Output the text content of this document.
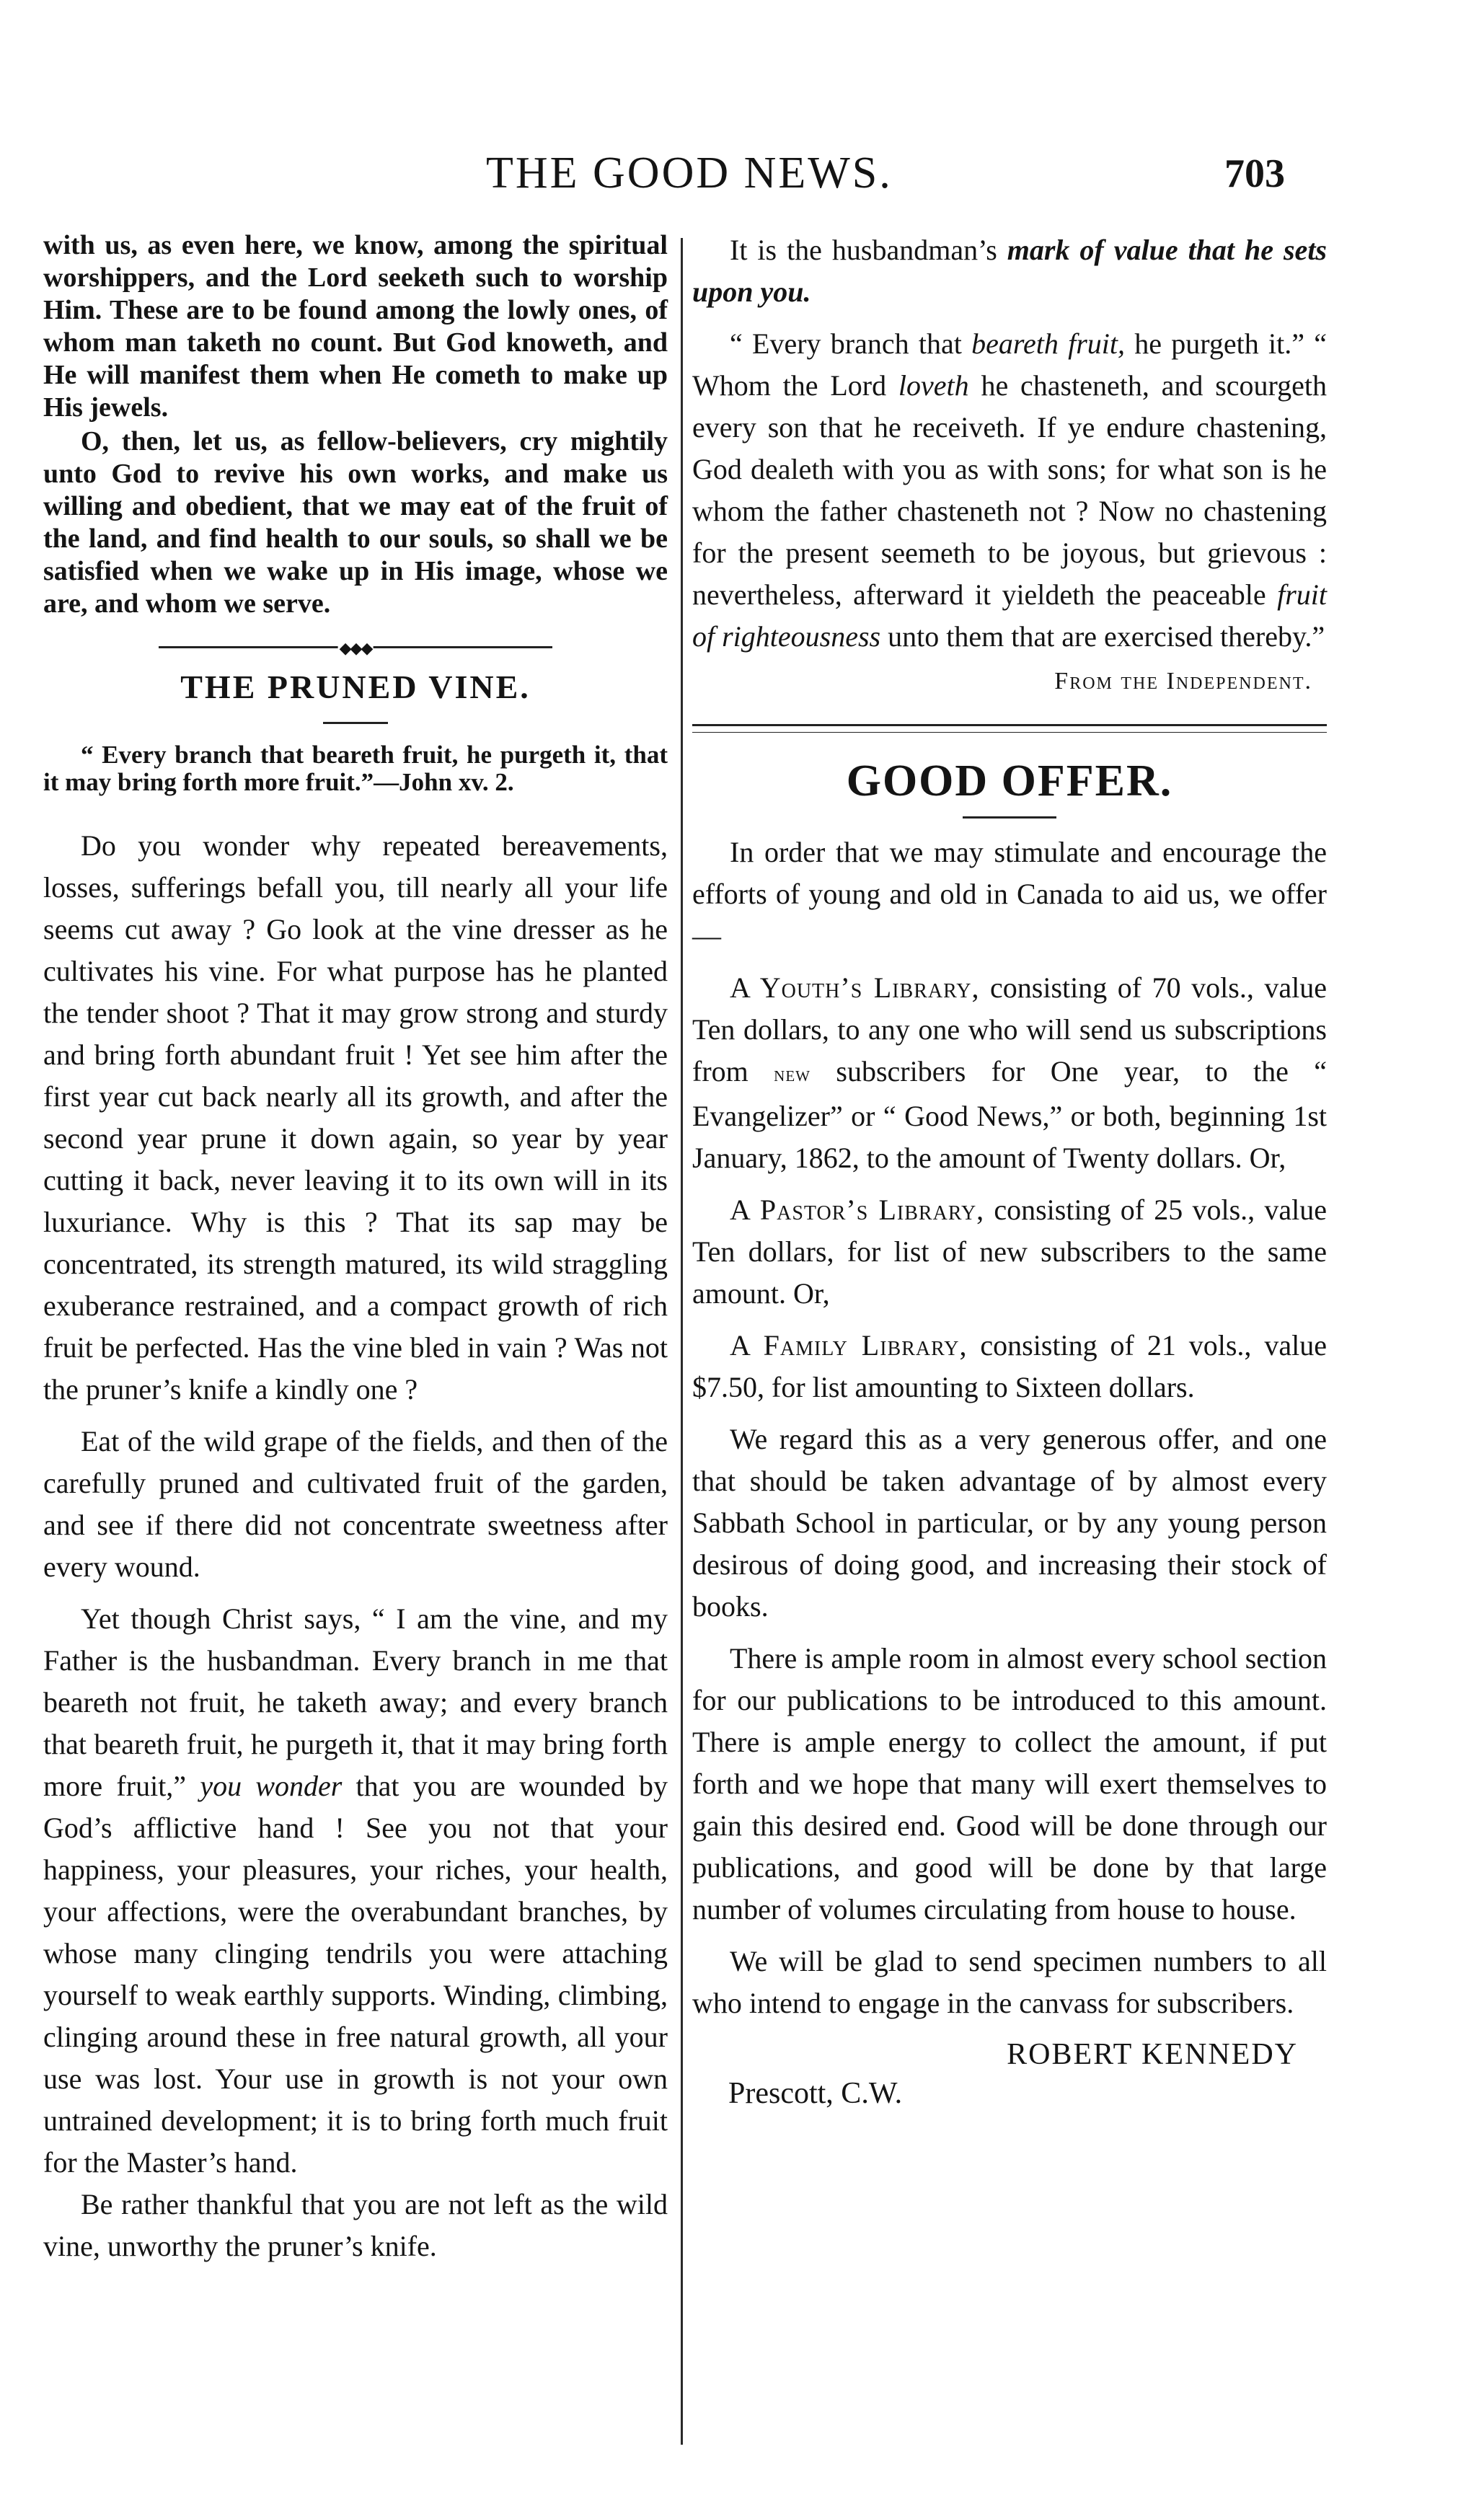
THE GOOD NEWS.	703

with us, as even here, we know, among the spiritual worshippers, and the Lord seeketh such to worship Him. These are to be found among the lowly ones, of whom man taketh no count. But God knoweth, and He will manifest them when He cometh to make up His jewels.

O, then, let us, as fellow-believers, cry mightily unto God to revive his own works, and make us willing and obedient, that we may eat of the fruit of the land, and find health to our souls, so shall we be satisfied when we wake up in His image, whose we are, and whom we serve.

◆◆◆
THE PRUNED VINE.

“ Every branch that beareth fruit, he purgeth it, that it may bring forth more fruit.”—John xv. 2.

Do you wonder why repeated bereavements, losses, sufferings befall you, till nearly all your life seems cut away ? Go look at the vine dresser as he cultivates his vine. For what purpose has he planted the tender shoot ? That it may grow strong and sturdy and bring forth abundant fruit ! Yet see him after the first year cut back nearly all its growth, and after the second year prune it down again, so year by year cutting it back, never leaving it to its own will in its luxuriance. Why is this ? That its sap may be concentrated, its strength matured, its wild straggling exuberance restrained, and a compact growth of rich fruit be perfected. Has the vine bled in vain ? Was not the pruner’s knife a kindly one ?

Eat of the wild grape of the fields, and then of the carefully pruned and cultivated fruit of the garden, and see if there did not concentrate sweetness after every wound.

Yet though Christ says, “ I am the vine, and my Father is the husbandman. Every branch in me that beareth not fruit, he taketh away; and every branch that beareth fruit, he purgeth it, that it may bring forth more fruit,” you wonder that you are wounded by God’s afflictive hand ! See you not that your happiness, your pleasures, your riches, your health, your affections, were the overabundant branches, by whose many clinging tendrils you were attaching yourself to weak earthly supports. Winding, climbing, clinging around these in free natural growth, all your use was lost. Your use in growth is not your own untrained development; it is to bring forth much fruit for the Master’s hand.

Be rather thankful that you are not left as the wild vine, unworthy the pruner’s knife.

It is the husbandman’s mark of value that he sets upon you.

“ Every branch that beareth fruit, he purgeth it.” “ Whom the Lord loveth he chasteneth, and scourgeth every son that he receiveth. If ye endure chastening, God dealeth with you as with sons; for what son is he whom the father chasteneth not ? Now no chastening for the present seemeth to be joyous, but grievous : nevertheless, afterward it yieldeth the peaceable fruit of righteousness unto them that are exercised thereby.”

From the Independent.
GOOD OFFER.

In order that we may stimulate and encourage the efforts of young and old in Canada to aid us, we offer—

A Youth’s Library, consisting of 70 vols., value Ten dollars, to any one who will send us subscriptions from new subscribers for One year, to the “ Evangelizer” or “ Good News,” or both, beginning 1st January, 1862, to the amount of Twenty dollars. Or,

A Pastor’s Library, consisting of 25 vols., value Ten dollars, for list of new subscribers to the same amount. Or,

A Family Library, consisting of 21 vols., value $7.50, for list amounting to Sixteen dollars.

We regard this as a very generous offer, and one that should be taken advantage of by almost every Sabbath School in particular, or by any young person desirous of doing good, and increasing their stock of books.

There is ample room in almost every school section for our publications to be introduced to this amount. There is ample energy to collect the amount, if put forth and we hope that many will exert themselves to gain this desired end. Good will be done through our publications, and good will be done by that large number of volumes circulating from house to house.

We will be glad to send specimen numbers to all who intend to engage in the canvass for subscribers.

ROBERT KENNEDY
Prescott, C.W.
